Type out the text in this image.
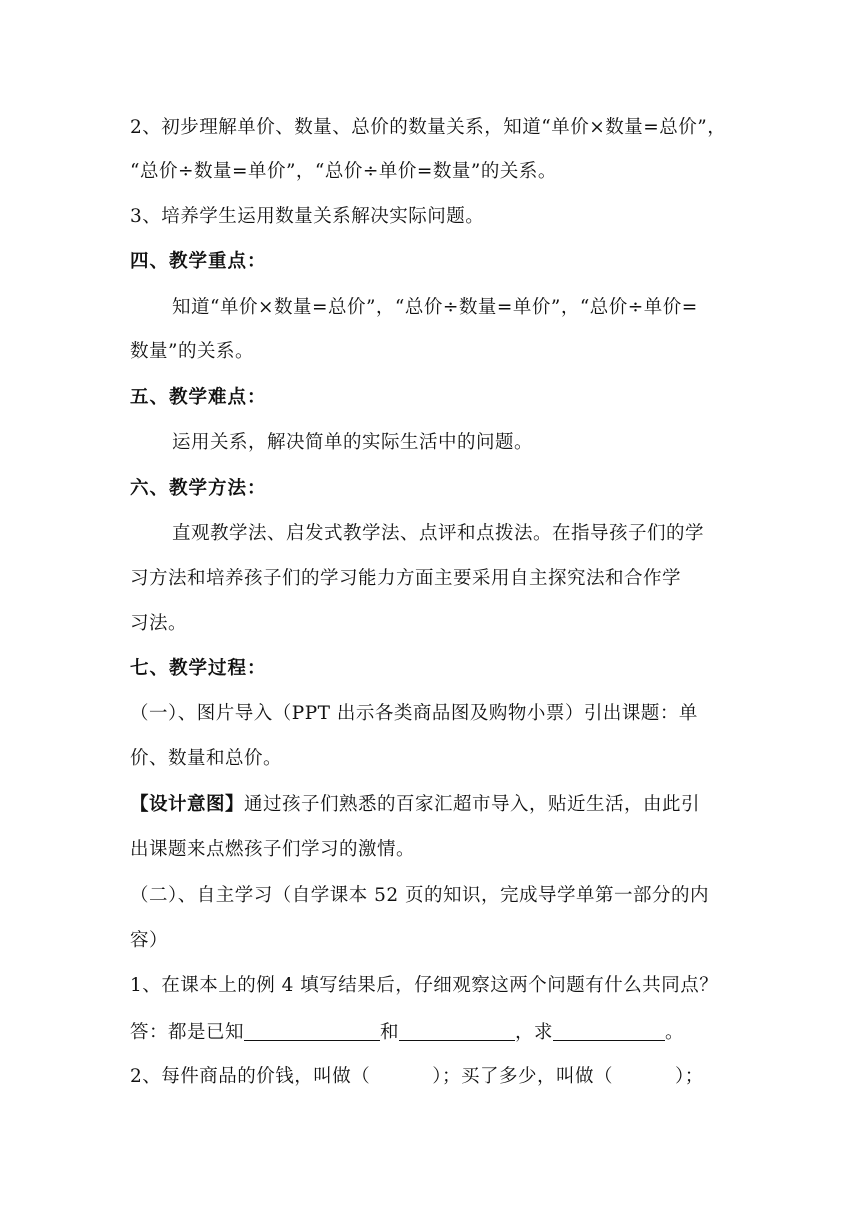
2、初步理解单价、数量、总价的数量关系，知道“单价×数量=总价”，
“总价÷数量=单价”，“总价÷单价=数量”的关系。
3、培养学生运用数量关系解决实际问题。
四、教学重点：
知道“单价×数量=总价”，“总价÷数量=单价”，“总价÷单价=
数量”的关系。
五、教学难点：
运用关系，解决简单的实际生活中的问题。
六、教学方法：
直观教学法、启发式教学法、点评和点拨法。在指导孩子们的学
习方法和培养孩子们的学习能力方面主要采用自主探究法和合作学
习法。
七、教学过程：
（一）、图片导入（PPT 出示各类商品图及购物小票）引出课题：单
价、数量和总价。
【设计意图】通过孩子们熟悉的百家汇超市导入，贴近生活，由此引
出课题来点燃孩子们学习的激情。
（二）、自主学习（自学课本 52 页的知识，完成导学单第一部分的内
容）
1、在课本上的例 4 填写结果后，仔细观察这两个问题有什么共同点？
答：都是已知	和	，求	。
2、每件商品的价钱，叫做（	）；买了多少，叫做（	）；
